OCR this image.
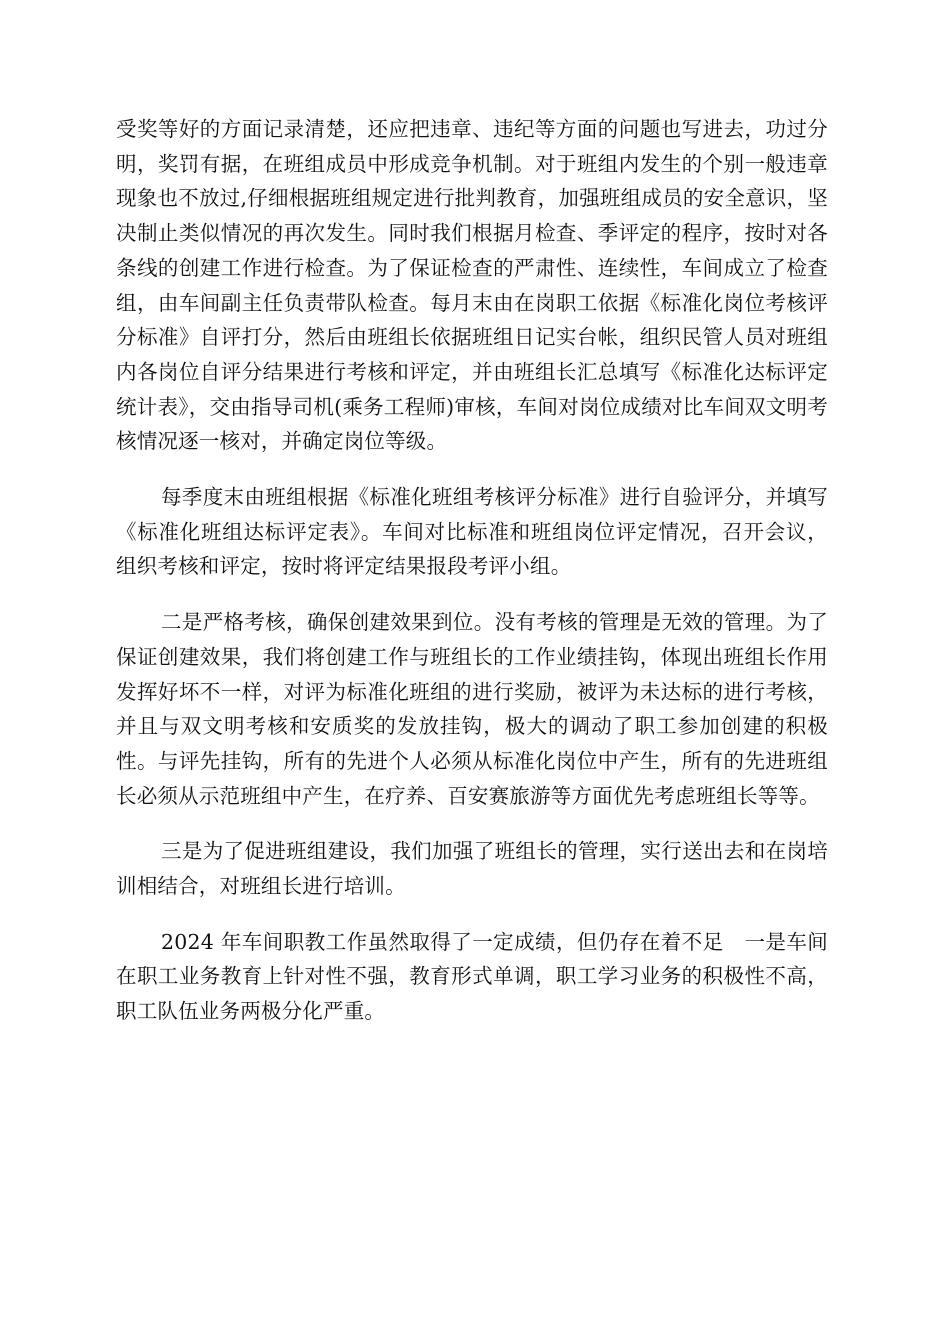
受奖等好的方面记录清楚，还应把违章、违纪等方面的问题也写进去，功过分明，奖罚有据，在班组成员中形成竞争机制。对于班组内发生的个别一般违章现象也不放过,仔细根据班组规定进行批判教育，加强班组成员的安全意识，坚决制止类似情况的再次发生。同时我们根据月检查、季评定的程序，按时对各条线的创建工作进行检查。为了保证检查的严肃性、连续性，车间成立了检查组，由车间副主任负责带队检查。每月末由在岗职工依据《标准化岗位考核评分标准》自评打分，然后由班组长依据班组日记实台帐，组织民管人员对班组内各岗位自评分结果进行考核和评定，并由班组长汇总填写《标准化达标评定统计表》，交由指导司机(乘务工程师)审核，车间对岗位成绩对比车间双文明考核情况逐一核对，并确定岗位等级。

每季度末由班组根据《标准化班组考核评分标准》进行自验评分，并填写《标准化班组达标评定表》。车间对比标准和班组岗位评定情况，召开会议，组织考核和评定，按时将评定结果报段考评小组。

二是严格考核，确保创建效果到位。没有考核的管理是无效的管理。为了保证创建效果，我们将创建工作与班组长的工作业绩挂钩，体现出班组长作用发挥好坏不一样，对评为标准化班组的进行奖励，被评为未达标的进行考核，并且与双文明考核和安质奖的发放挂钩，极大的调动了职工参加创建的积极性。与评先挂钩，所有的先进个人必须从标准化岗位中产生，所有的先进班组长必须从示范班组中产生，在疗养、百安赛旅游等方面优先考虑班组长等等。

三是为了促进班组建设，我们加强了班组长的管理，实行送出去和在岗培训相结合，对班组长进行培训。

2024 年车间职教工作虽然取得了一定成绩，但仍存在着不足　一是车间在职工业务教育上针对性不强，教育形式单调，职工学习业务的积极性不高，职工队伍业务两极分化严重。
